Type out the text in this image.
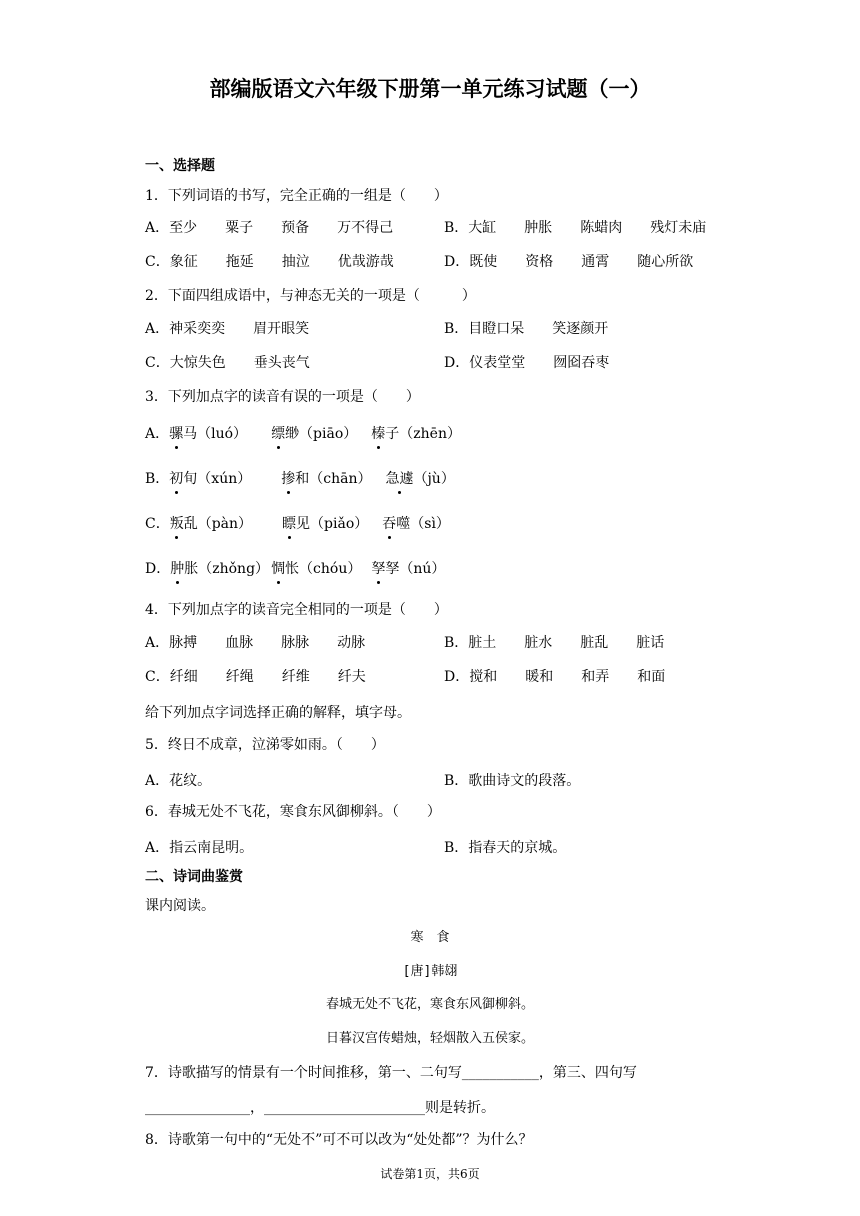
部编版语文六年级下册第一单元练习试题（一）
一、选择题
1．下列词语的书写，完全正确的一组是（　　）
A．至少 粟子 预备 万不得己	B．大缸 肿胀 陈蜡肉 残灯未庙
C．象征 拖延 抽泣 优哉游哉	D．既使 资格 通霄 随心所欲
2．下面四组成语中，与神态无关的一项是（　　　）
A．神采奕奕 眉开眼笑	B．目瞪口呆 笑逐颜开
C．大惊失色 垂头丧气	D．仪表堂堂 囫囵吞枣
3．下列加点字的读音有误的一项是（　　）
A．骡马（luó） 缥缈（piāo） 榛子（zhēn）
B．初旬（xún） 掺和（chān） 急遽（jù）
C．叛乱（pàn） 瞟见（piǎo） 吞噬（sì）
D．肿胀（zhǒng） 惆怅（chóu） 孥孥（nú）
4．下列加点字的读音完全相同的一项是（　　）
A．脉搏 血脉 脉脉 动脉	B．脏土 脏水 脏乱 脏话
C．纤细 纤绳 纤维 纤夫	D．搅和 暖和 和弄 和面
给下列加点字词选择正确的解释，填字母。
5．终日不成章，泣涕零如雨。（　　）
A．花纹。	B．歌曲诗文的段落。
6．春城无处不飞花，寒食东风御柳斜。（　　）
A．指云南昆明。	B．指春天的京城。
二、诗词曲鉴赏
课内阅读。
寒　食
[唐]韩翃
春城无处不飞花，寒食东风御柳斜。
日暮汉宫传蜡烛，轻烟散入五侯家。
7．诗歌描写的情景有一个时间推移，第一、二句写___________，第三、四句写
_______________，_______________________则是转折。
8．诗歌第一句中的“无处不”可不可以改为“处处都”？为什么？
试卷第1页，共6页
